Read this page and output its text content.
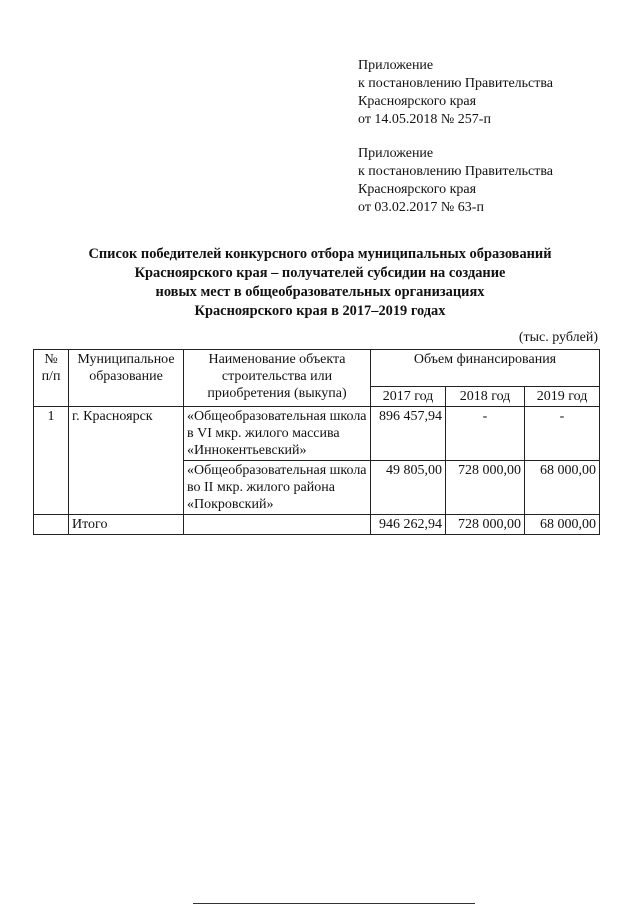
Приложение
к постановлению Правительства
Красноярского края
от 14.05.2018 № 257-п
Приложение
к постановлению Правительства
Красноярского края
от 03.02.2017 № 63-п
Список победителей конкурсного отбора муниципальных образований
Красноярского края – получателей субсидии на создание
новых мест в общеобразовательных организациях
Красноярского края в 2017–2019 годах
(тыс. рублей)
№ п/п	Муниципальное образование	Наименование объекта строительства или приобретения (выкупа)	Объем финансирования		
			2017 год	2018 год	2019 год
1	г. Красноярск	«Общеобразовательная школа в VI мкр. жилого массива «Иннокентьевский»	896 457,94	-	-
		«Общеобразовательная школа во II мкр. жилого района «Покровский»	49 805,00	728 000,00	68 000,00
	Итого		946 262,94	728 000,00	68 000,00
